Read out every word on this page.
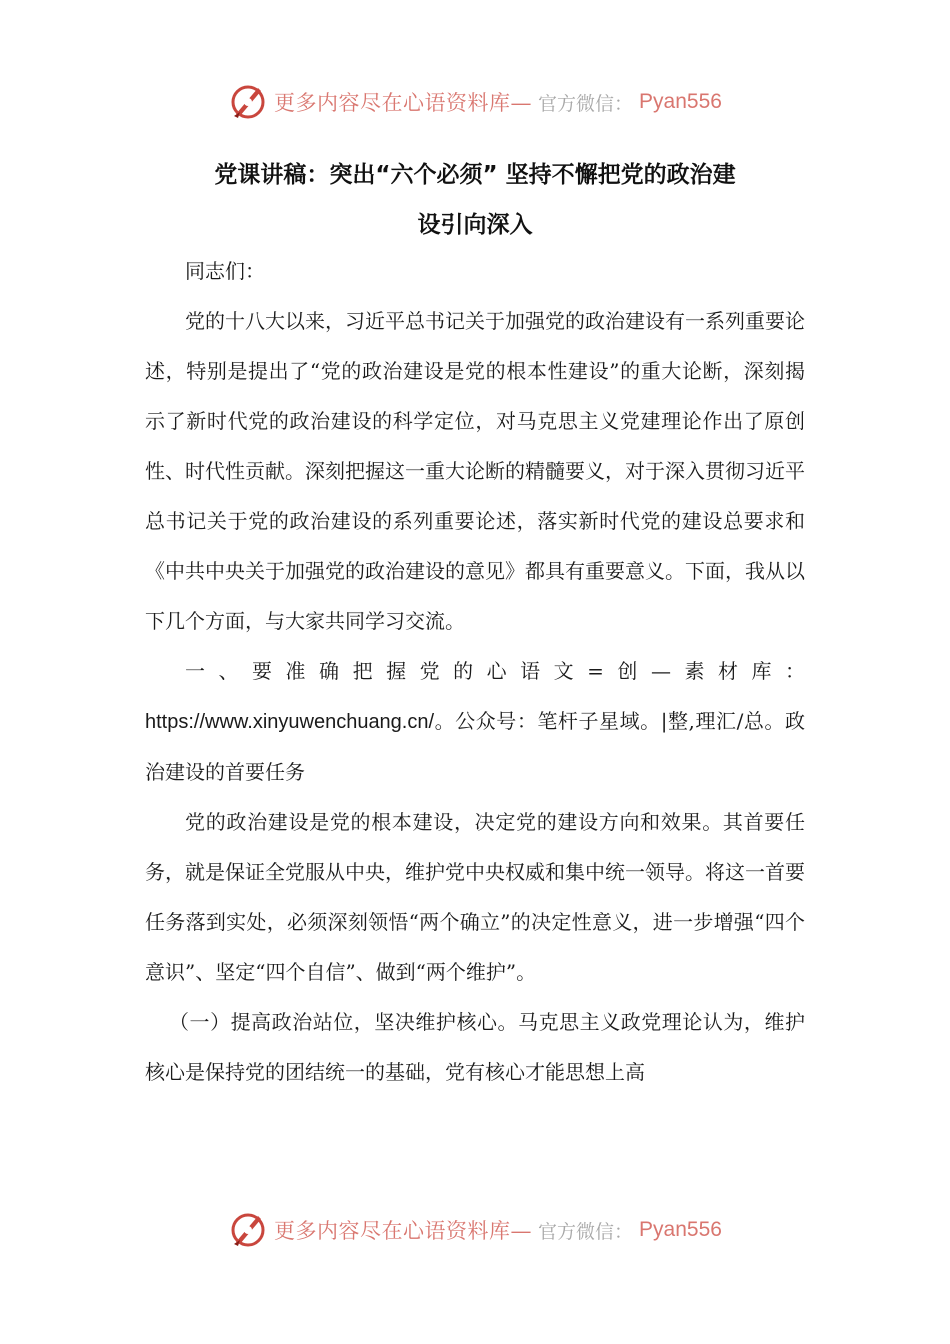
更多内容尽在心语资料库— 官方微信： Pyan556
党课讲稿：突出“六个必须” 坚持不懈把党的政治建
设引向深入

同志们：

党的十八大以来，习近平总书记关于加强党的政治建设有一系列重要论述，特别是提出了“党的政治建设是党的根本性建设”的重大论断，深刻揭示了新时代党的政治建设的科学定位，对马克思主义党建理论作出了原创性、时代性贡献。深刻把握这一重大论断的精髓要义，对于深入贯彻习近平总书记关于党的政治建设的系列重要论述，落实新时代党的建设总要求和《中共中央关于加强党的政治建设的意见》都具有重要意义。下面，我从以下几个方面，与大家共同学习交流。

一、要准确把握党的心语文=创—素材库：https://www.xinyuwenchuang.cn/。公众号：笔杆子星域。|整,理汇/总。政治建设的首要任务

党的政治建设是党的根本建设，决定党的建设方向和效果。其首要任务，就是保证全党服从中央，维护党中央权威和集中统一领导。将这一首要任务落到实处，必须深刻领悟“两个确立”的决定性意义，进一步增强“四个意识”、坚定“四个自信”、做到“两个维护”。

（一）提高政治站位，坚决维护核心。马克思主义政党理论认为，维护核心是保持党的团结统一的基础，党有核心才能思想上高

更多内容尽在心语资料库— 官方微信： Pyan556
